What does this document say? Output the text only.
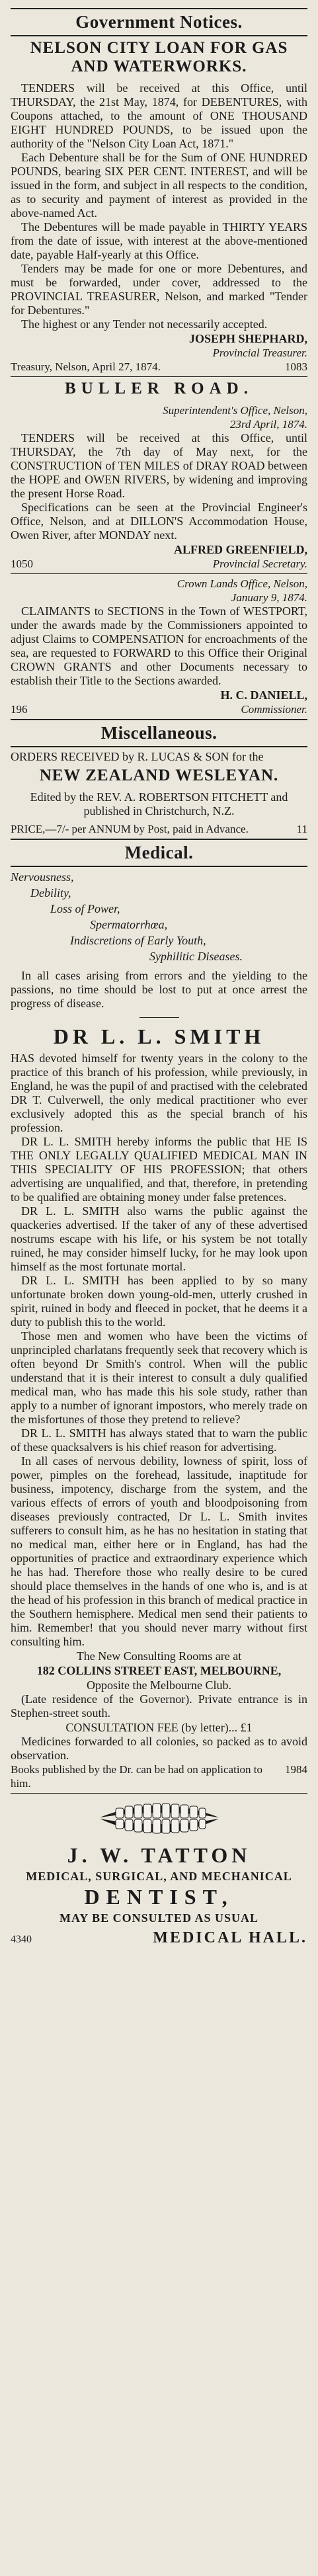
Government Notices.
NELSON CITY LOAN FOR GAS AND WATERWORKS.

TENDERS will be received at this Office, until THURSDAY, the 21st May, 1874, for DEBENTURES, with Coupons attached, to the amount of ONE THOUSAND EIGHT HUNDRED POUNDS, to be issued upon the authority of the "Nelson City Loan Act, 1871."

Each Debenture shall be for the Sum of ONE HUNDRED POUNDS, bearing SIX PER CENT. INTEREST, and will be issued in the form, and subject in all respects to the condition, as to security and payment of interest as provided in the above-named Act.

The Debentures will be made payable in THIRTY YEARS from the date of issue, with interest at the above-mentioned date, payable Half-yearly at this Office.

Tenders may be made for one or more Debentures, and must be forwarded, under cover, addressed to the PROVINCIAL TREASURER, Nelson, and marked "Tender for Debentures."

The highest or any Tender not necessarily accepted.

JOSEPH SHEPHARD,
Provincial Treasurer.
Treasury, Nelson, April 27, 1874.	1083
BULLER ROAD.
Superintendent's Office, Nelson,
23rd April, 1874.

TENDERS will be received at this Office, until THURSDAY, the 7th day of May next, for the CONSTRUCTION of TEN MILES of DRAY ROAD between the HOPE and OWEN RIVERS, by widening and improving the present Horse Road.

Specifications can be seen at the Provincial Engineer's Office, Nelson, and at DILLON'S Accommodation House, Owen River, after MONDAY next.

ALFRED GREENFIELD,
1050	Provincial Secretary.
Crown Lands Office, Nelson,
January 9, 1874.

CLAIMANTS to SECTIONS in the Town of WESTPORT, under the awards made by the Commissioners appointed to adjust Claims to COMPENSATION for encroachments of the sea, are requested to FORWARD to this Office their Original CROWN GRANTS and other Documents necessary to establish their Title to the Sections awarded.

H. C. DANIELL,
196	Commissioner.
Miscellaneous.

ORDERS RECEIVED by R. LUCAS & SON for the

NEW ZEALAND WESLEYAN.

Edited by the REV. A. ROBERTSON FITCHETT and published in Christchurch, N.Z.

PRICE,—7/- per ANNUM by Post, paid in Advance.	11
Medical.
Nervousness,
Debility,
Loss of Power,
Spermatorrhœa,
Indiscretions of Early Youth,
Syphilitic Diseases.

In all cases arising from errors and the yielding to the passions, no time should be lost to put at once arrest the progress of disease.

DR L. L. SMITH

HAS devoted himself for twenty years in the colony to the practice of this branch of his profession, while previously, in England, he was the pupil of and practised with the celebrated DR T. Culverwell, the only medical practitioner who ever exclusively adopted this as the special branch of his profession.

DR L. L. SMITH hereby informs the public that HE IS THE ONLY LEGALLY QUALIFIED MEDICAL MAN IN THIS SPECIALITY OF HIS PROFESSION; that others advertising are unqualified, and that, therefore, in pretending to be qualified are obtaining money under false pretences.

DR L. L. SMITH also warns the public against the quackeries advertised. If the taker of any of these advertised nostrums escape with his life, or his system be not totally ruined, he may consider himself lucky, for he may look upon himself as the most fortunate mortal.

DR L. L. SMITH has been applied to by so many unfortunate broken down young-old-men, utterly crushed in spirit, ruined in body and fleeced in pocket, that he deems it a duty to publish this to the world.

Those men and women who have been the victims of unprincipled charlatans frequently seek that recovery which is often beyond Dr Smith's control. When will the public understand that it is their interest to consult a duly qualified medical man, who has made this his sole study, rather than apply to a number of ignorant impostors, who merely trade on the misfortunes of those they pretend to relieve?

DR L. L. SMITH has always stated that to warn the public of these quacksalvers is his chief reason for advertising.

In all cases of nervous debility, lowness of spirit, loss of power, pimples on the forehead, lassitude, inaptitude for business, impotency, discharge from the system, and the various effects of errors of youth and bloodpoisoning from diseases previously contracted, Dr L. L. Smith invites sufferers to consult him, as he has no hesitation in stating that no medical man, either here or in England, has had the opportunities of practice and extraordinary experience which he has had. Therefore those who really desire to be cured should place themselves in the hands of one who is, and is at the head of his profession in this branch of medical practice in the Southern hemisphere. Medical men send their patients to him. Remember! that you should never marry without first consulting him.

The New Consulting Rooms are at
182 COLLINS STREET EAST, MELBOURNE,
Opposite the Melbourne Club.

(Late residence of the Governor). Private entrance is in Stephen-street south.

CONSULTATION FEE (by letter)... £1

Medicines forwarded to all colonies, so packed as to avoid observation.

Books published by the Dr. can be had on application to him.
1984
J. W. TATTON
MEDICAL, SURGICAL, AND MECHANICAL
DENTIST,
MAY BE CONSULTED AS USUAL
4340	MEDICAL HALL.
